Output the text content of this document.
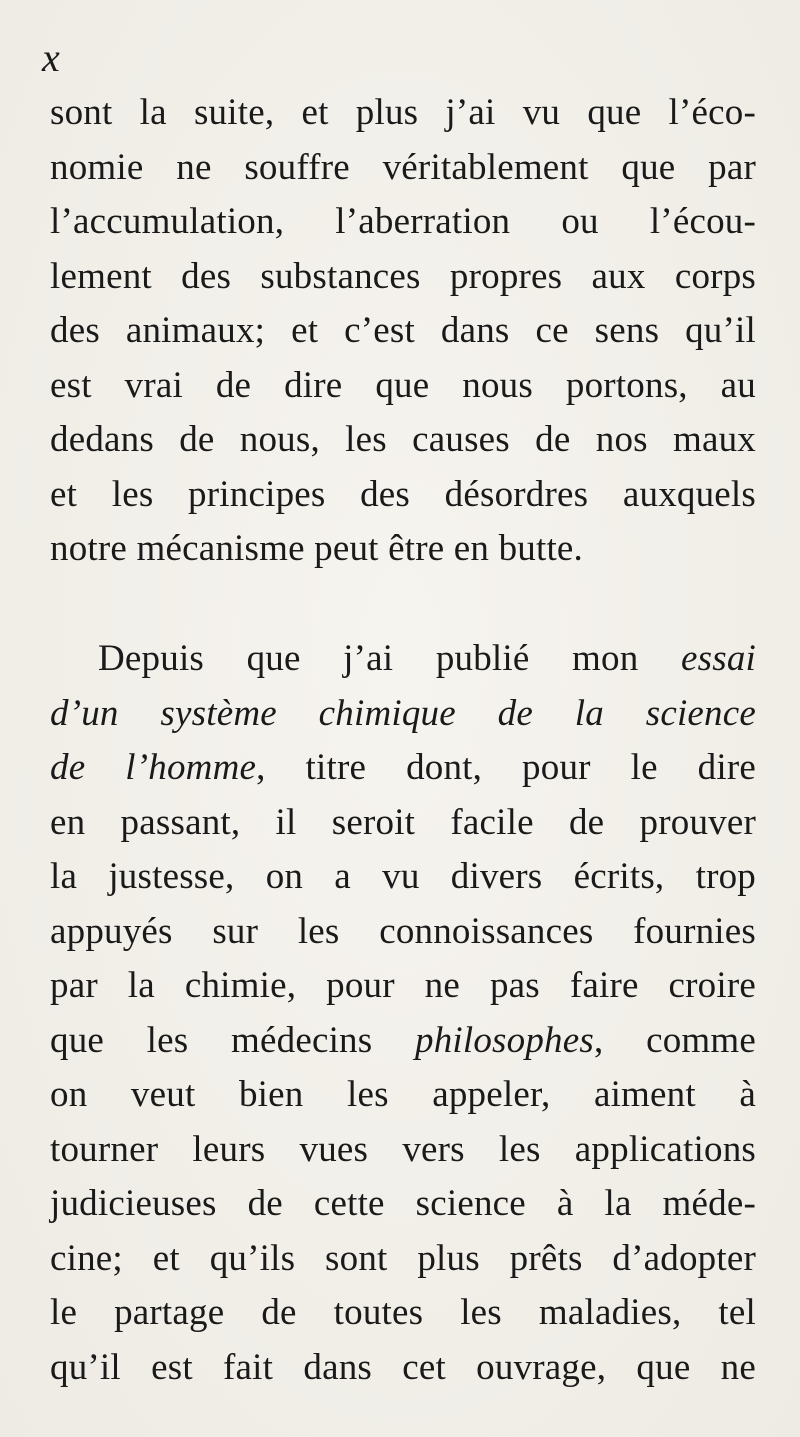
x
sont la suite, et plus j’ai vu que l’éco-
nomie ne souffre véritablement que par
l’accumulation, l’aberration ou l’écou-
lement des substances propres aux corps
des animaux; et c’est dans ce sens qu’il
est vrai de dire que nous portons, au
dedans de nous, les causes de nos maux
et les principes des désordres auxquels
notre mécanisme peut être en butte.
Depuis que j’ai publié mon essai
d’un système chimique de la science
de l’homme, titre dont, pour le dire
en passant, il seroit facile de prouver
la justesse, on a vu divers écrits, trop
appuyés sur les connoissances fournies
par la chimie, pour ne pas faire croire
que les médecins philosophes, comme
on veut bien les appeler, aiment à
tourner leurs vues vers les applications
judicieuses de cette science à la méde-
cine; et qu’ils sont plus prêts d’adopter
le partage de toutes les maladies, tel
qu’il est fait dans cet ouvrage, que ne
